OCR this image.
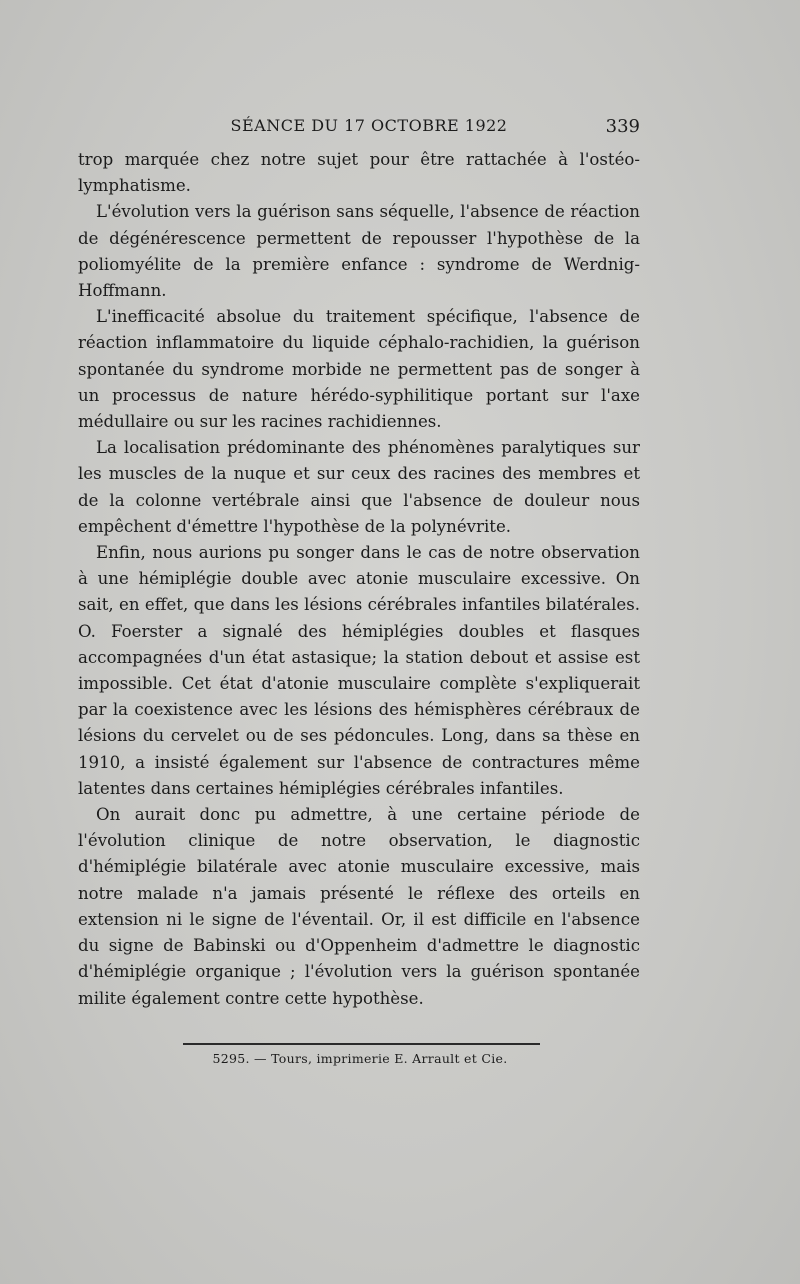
SÉANCE DU 17 OCTOBRE 1922	339

trop marquée chez notre sujet pour être rattachée à l'ostéo-lymphatisme.

L'évolution vers la guérison sans séquelle, l'absence de réaction de dégénérescence permettent de repousser l'hypothèse de la poliomyélite de la première enfance : syndrome de Werdnig-Hoffmann.

L'inefficacité absolue du traitement spécifique, l'absence de réaction inflammatoire du liquide céphalo-rachidien, la guérison spontanée du syndrome morbide ne permettent pas de songer à un processus de nature hérédo-syphilitique portant sur l'axe médullaire ou sur les racines rachidiennes.

La localisation prédominante des phénomènes paralytiques sur les muscles de la nuque et sur ceux des racines des membres et de la colonne vertébrale ainsi que l'absence de douleur nous empêchent d'émettre l'hypothèse de la polynévrite.

Enfin, nous aurions pu songer dans le cas de notre observation à une hémiplégie double avec atonie musculaire excessive. On sait, en effet, que dans les lésions cérébrales infantiles bilatérales. O. Foerster a signalé des hémiplégies doubles et flasques accompagnées d'un état astasique; la station debout et assise est impossible. Cet état d'atonie musculaire complète s'expliquerait par la coexistence avec les lésions des hémisphères cérébraux de lésions du cervelet ou de ses pédoncules. Long, dans sa thèse en 1910, a insisté également sur l'absence de contractures même latentes dans certaines hémiplégies cérébrales infantiles.

On aurait donc pu admettre, à une certaine période de l'évolution clinique de notre observation, le diagnostic d'hémiplégie bilatérale avec atonie musculaire excessive, mais notre malade n'a jamais présenté le réflexe des orteils en extension ni le signe de l'éventail. Or, il est difficile en l'absence du signe de Babinski ou d'Oppenheim d'admettre le diagnostic d'hémiplégie organique ; l'évolution vers la guérison spontanée milite également contre cette hypothèse.

5295. — Tours, imprimerie E. Arrault et Cie.
